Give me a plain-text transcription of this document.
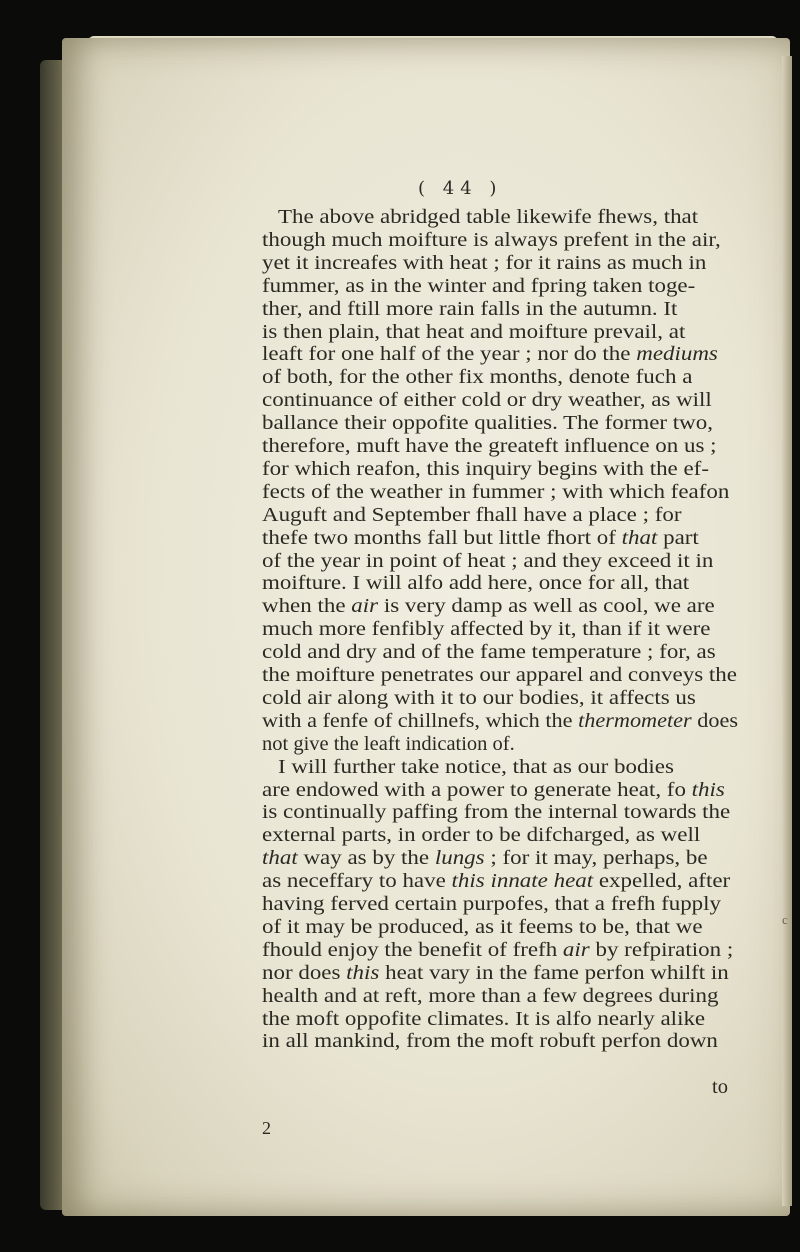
( 44 )
The above abridged table likewife fhews, that
though much moifture is always prefent in the air,
yet it increafes with heat ; for it rains as much in
fummer, as in the winter and fpring taken toge-
ther, and ftill more rain falls in the autumn. It
is then plain, that heat and moifture prevail, at
leaft for one half of the year ; nor do the mediums
of both, for the other fix months, denote fuch a
continuance of either cold or dry weather, as will
ballance their oppofite qualities. The former two,
therefore, muft have the greateft influence on us ;
for which reafon, this inquiry begins with the ef-
fects of the weather in fummer ; with which feafon
Auguft and September fhall have a place ; for
thefe two months fall but little fhort of that part
of the year in point of heat ; and they exceed it in
moifture. I will alfo add here, once for all, that
when the air is very damp as well as cool, we are
much more fenfibly affected by it, than if it were
cold and dry and of the fame temperature ; for, as
the moifture penetrates our apparel and conveys the
cold air along with it to our bodies, it affects us
with a fenfe of chillnefs, which the thermometer does
not give the leaft indication of.
I will further take notice, that as our bodies
are endowed with a power to generate heat, fo this
is continually paffing from the internal towards the
external parts, in order to be difcharged, as well
that way as by the lungs ; for it may, perhaps, be
as neceffary to have this innate heat expelled, after
having ferved certain purpofes, that a frefh fupply
of it may be produced, as it feems to be, that we
fhould enjoy the benefit of frefh air by refpiration ;
nor does this heat vary in the fame perfon whilft in
health and at reft, more than a few degrees during
the moft oppofite climates. It is alfo nearly alike
in all mankind, from the moft robuft perfon down
to
2
c
